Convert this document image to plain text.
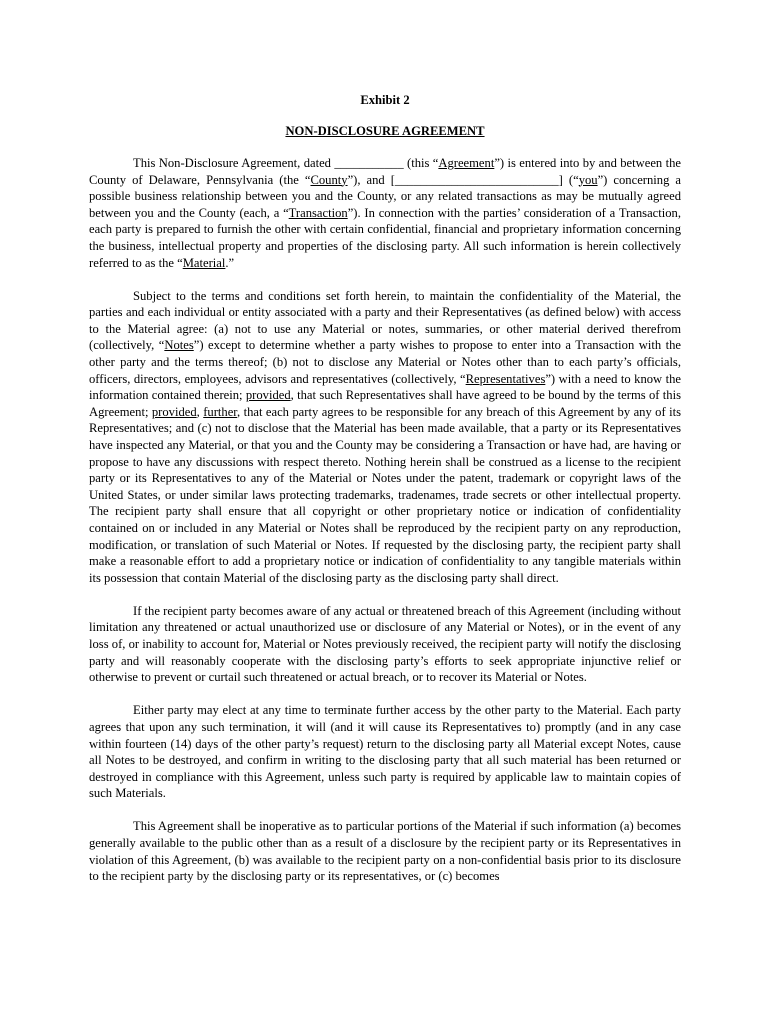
Exhibit 2
NON-DISCLOSURE AGREEMENT

This Non-Disclosure Agreement, dated ___________ (this “Agreement”) is entered into by and between the County of Delaware, Pennsylvania (the “County”), and [__________________________] (“you”) concerning a possible business relationship between you and the County, or any related transactions as may be mutually agreed between you and the County (each, a “Transaction”). In connection with the parties’ consideration of a Transaction, each party is prepared to furnish the other with certain confidential, financial and proprietary information concerning the business, intellectual property and properties of the disclosing party. All such information is herein collectively referred to as the “Material.”

Subject to the terms and conditions set forth herein, to maintain the confidentiality of the Material, the parties and each individual or entity associated with a party and their Representatives (as defined below) with access to the Material agree: (a) not to use any Material or notes, summaries, or other material derived therefrom (collectively, “Notes”) except to determine whether a party wishes to propose to enter into a Transaction with the other party and the terms thereof; (b) not to disclose any Material or Notes other than to each party’s officials, officers, directors, employees, advisors and representatives (collectively, “Representatives”) with a need to know the information contained therein; provided, that such Representatives shall have agreed to be bound by the terms of this Agreement; provided, further, that each party agrees to be responsible for any breach of this Agreement by any of its Representatives; and (c) not to disclose that the Material has been made available, that a party or its Representatives have inspected any Material, or that you and the County may be considering a Transaction or have had, are having or propose to have any discussions with respect thereto. Nothing herein shall be construed as a license to the recipient party or its Representatives to any of the Material or Notes under the patent, trademark or copyright laws of the United States, or under similar laws protecting trademarks, tradenames, trade secrets or other intellectual property. The recipient party shall ensure that all copyright or other proprietary notice or indication of confidentiality contained on or included in any Material or Notes shall be reproduced by the recipient party on any reproduction, modification, or translation of such Material or Notes. If requested by the disclosing party, the recipient party shall make a reasonable effort to add a proprietary notice or indication of confidentiality to any tangible materials within its possession that contain Material of the disclosing party as the disclosing party shall direct.

If the recipient party becomes aware of any actual or threatened breach of this Agreement (including without limitation any threatened or actual unauthorized use or disclosure of any Material or Notes), or in the event of any loss of, or inability to account for, Material or Notes previously received, the recipient party will notify the disclosing party and will reasonably cooperate with the disclosing party’s efforts to seek appropriate injunctive relief or otherwise to prevent or curtail such threatened or actual breach, or to recover its Material or Notes.

Either party may elect at any time to terminate further access by the other party to the Material. Each party agrees that upon any such termination, it will (and it will cause its Representatives to) promptly (and in any case within fourteen (14) days of the other party’s request) return to the disclosing party all Material except Notes, cause all Notes to be destroyed, and confirm in writing to the disclosing party that all such material has been returned or destroyed in compliance with this Agreement, unless such party is required by applicable law to maintain copies of such Materials.

This Agreement shall be inoperative as to particular portions of the Material if such information (a) becomes generally available to the public other than as a result of a disclosure by the recipient party or its Representatives in violation of this Agreement, (b) was available to the recipient party on a non-confidential basis prior to its disclosure to the recipient party by the disclosing party or its representatives, or (c) becomes
